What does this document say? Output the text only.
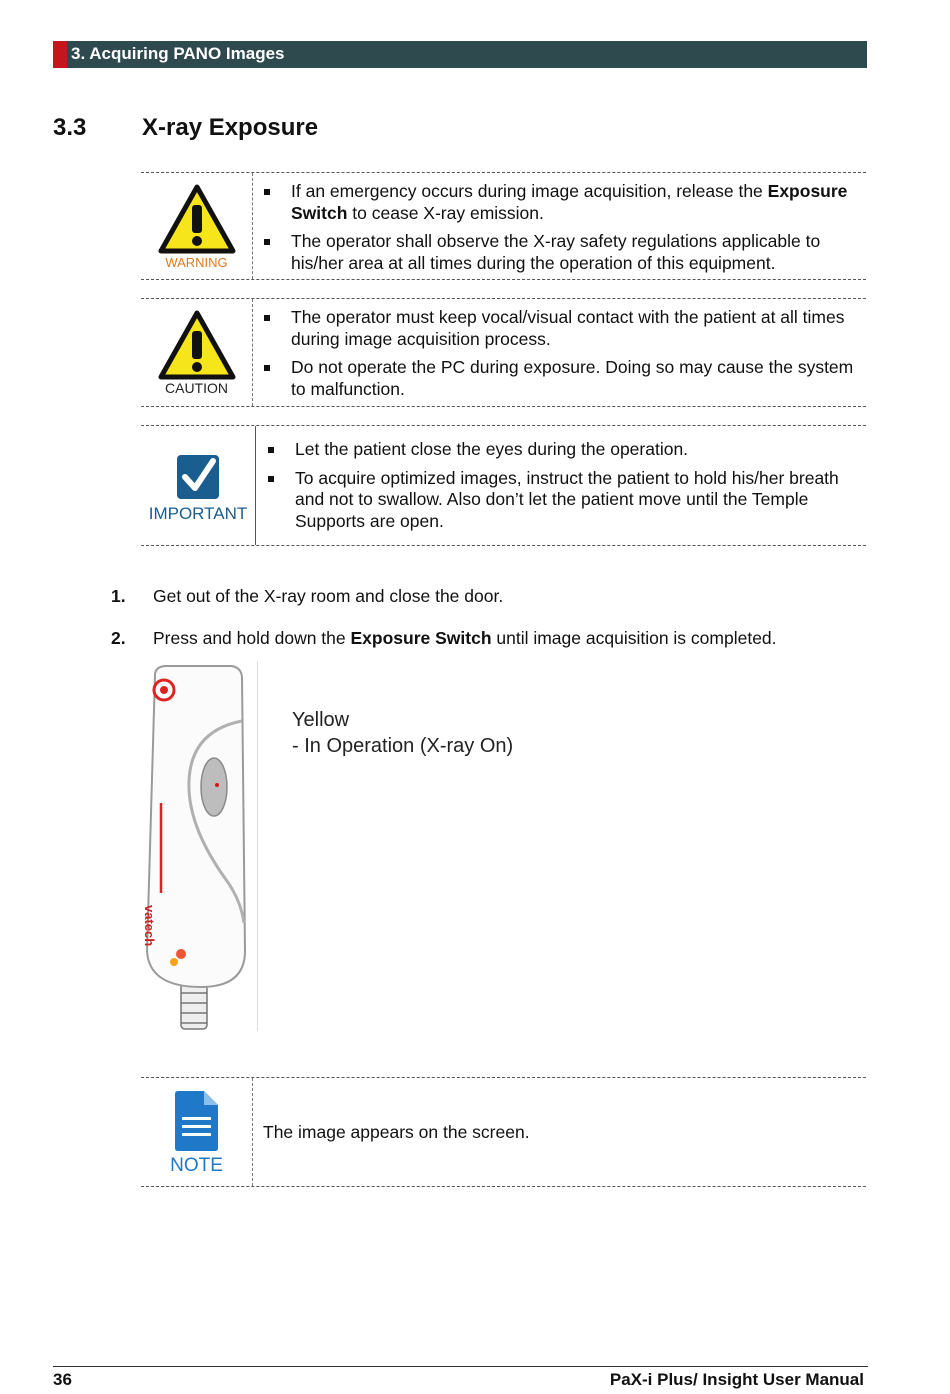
3. Acquiring PANO Images
3.3 X-ray Exposure
WARNING
If an emergency occurs during image acquisition, release the Exposure Switch to cease X-ray emission.
The operator shall observe the X-ray safety regulations applicable to his/her area at all times during the operation of this equipment.
CAUTION
The operator must keep vocal/visual contact with the patient at all times during image acquisition process.
Do not operate the PC during exposure. Doing so may cause the system to malfunction.
IMPORTANT
Let the patient close the eyes during the operation.
To acquire optimized images, instruct the patient to hold his/her breath and not to swallow. Also don’t let the patient move until the Temple Supports are open.
1. Get out of the X-ray room and close the door.
2. Press and hold down the Exposure Switch until image acquisition is completed.
vatech
Yellow
- In Operation (X-ray On)
NOTE
The image appears on the screen.
36	PaX-i Plus/ Insight User Manual
